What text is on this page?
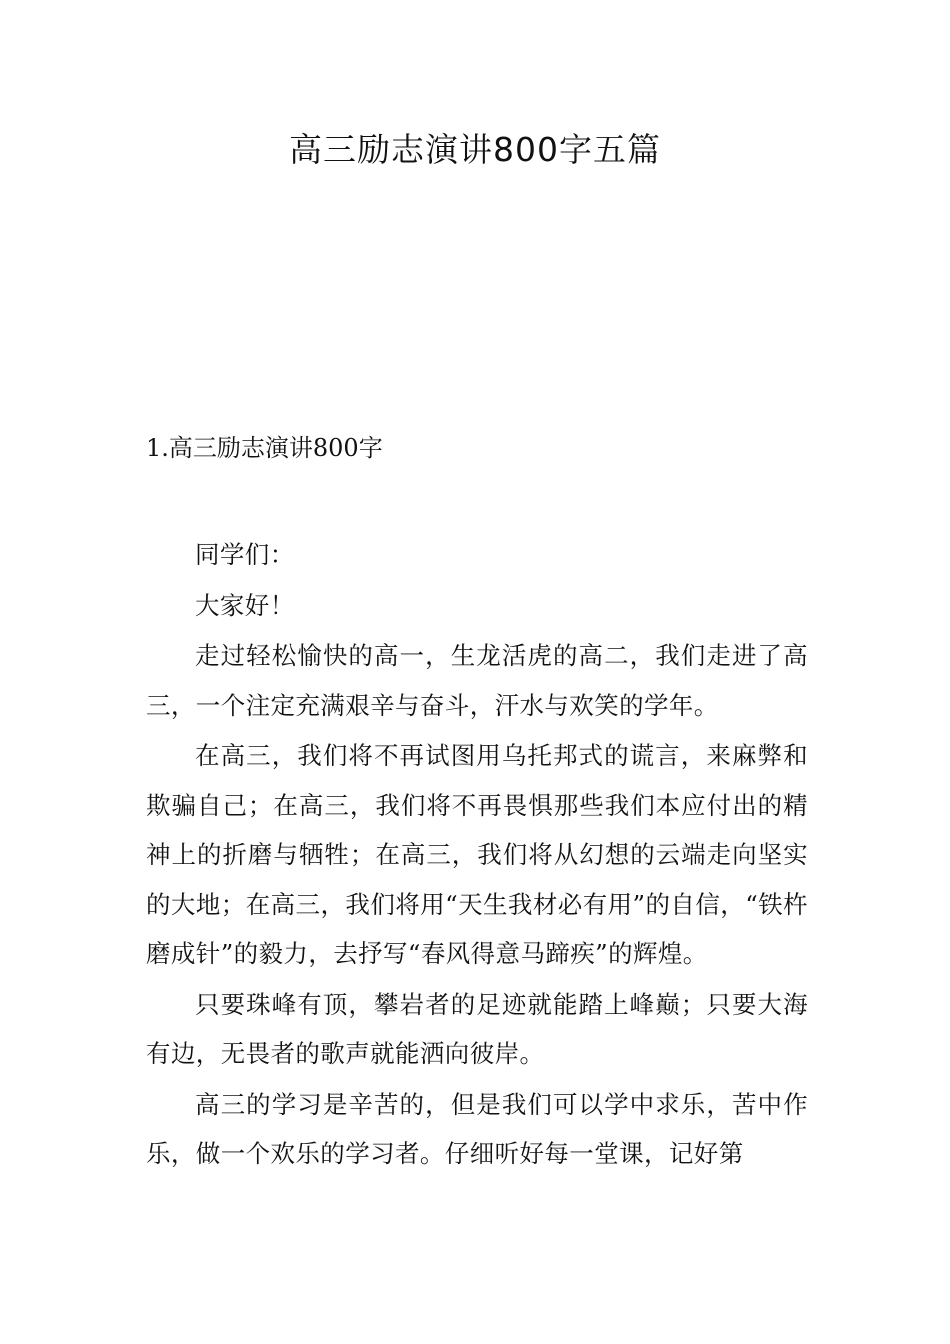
高三励志演讲800字五篇
1.高三励志演讲800字

同学们：

大家好！

走过轻松愉快的高一，生龙活虎的高二，我们走进了高三，一个注定充满艰辛与奋斗，汗水与欢笑的学年。

在高三，我们将不再试图用乌托邦式的谎言，来麻弊和欺骗自己；在高三，我们将不再畏惧那些我们本应付出的精神上的折磨与牺牲；在高三，我们将从幻想的云端走向坚实的大地；在高三，我们将用“天生我材必有用”的自信，“铁杵磨成针”的毅力，去抒写“春风得意马蹄疾”的辉煌。

只要珠峰有顶，攀岩者的足迹就能踏上峰巅；只要大海有边，无畏者的歌声就能洒向彼岸。

高三的学习是辛苦的，但是我们可以学中求乐，苦中作乐，做一个欢乐的学习者。仔细听好每一堂课，记好第
